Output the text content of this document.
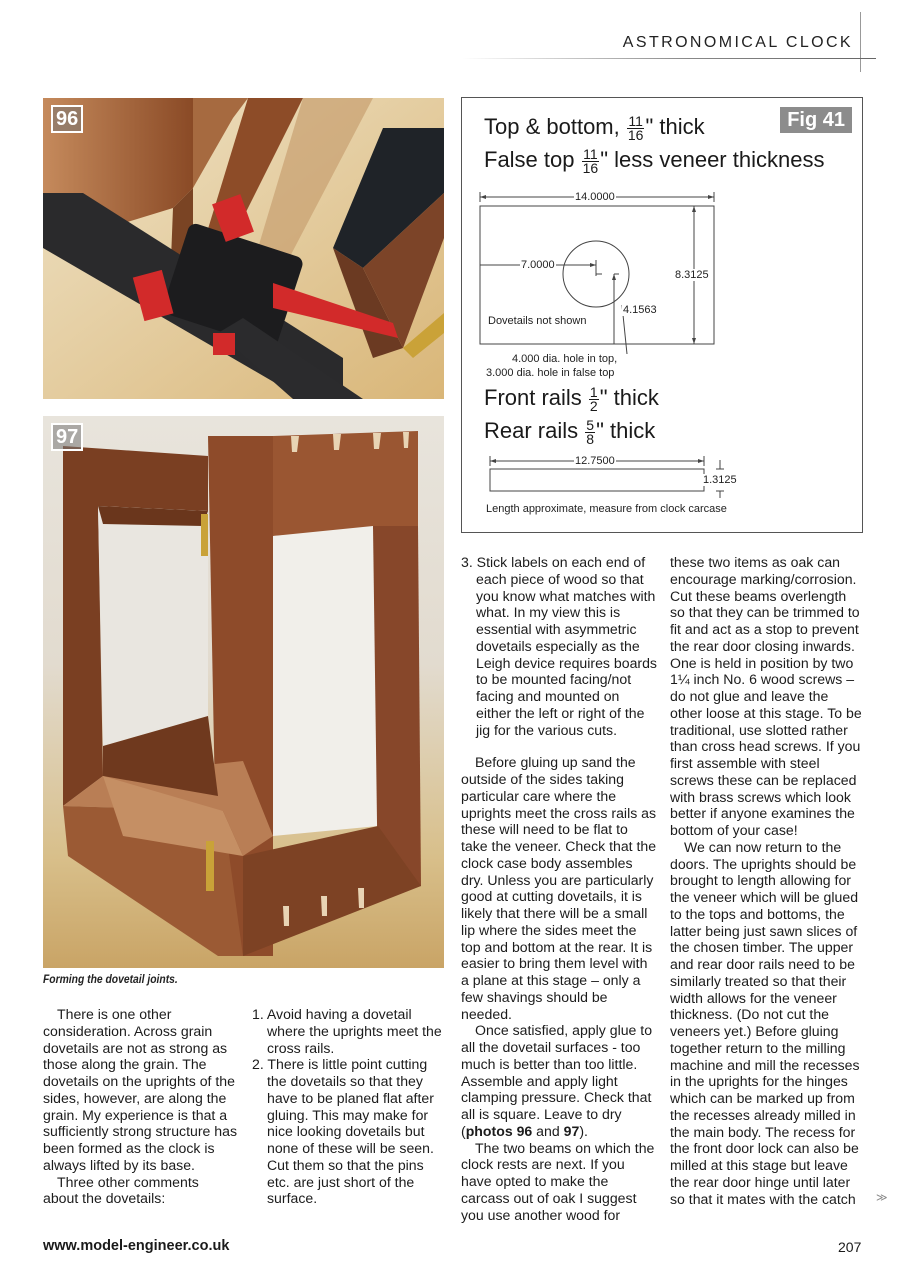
ASTRONOMICAL CLOCK
96
97
Forming the dovetail joints.
Fig 41
Top & bottom, $\frac{11}{16}$ " thick
False top $\frac{11}{16}$ " less veneer thickness
14.0000
8.3125
7.0000
4.1563
Dovetails not shown
4.000 dia. hole in top,
3.000 dia. hole in false top
Front rails $\frac{1}{2}$ " thick
Rear rails $\frac{5}{8}$ " thick
12.7500
1.3125
Length approximate, measure from clock carcase

There is one other consideration. Across grain dovetails are not as strong as those along the grain. The dovetails on the uprights of the sides, however, are along the grain. My experience is that a sufficiently strong structure has been formed as the clock is always lifted by its base.

Three other comments about the dovetails:

1. Avoid having a dovetail where the uprights meet the cross rails.
2. There is little point cutting the dovetails so that they have to be planed flat after gluing. This may make for nice looking dovetails but none of these will be seen. Cut them so that the pins etc. are just short of the surface.
3. Stick labels on each end of each piece of wood so that you know what matches with what. In my view this is essential with asymmetric dovetails especially as the Leigh device requires boards to be mounted facing/not facing and mounted on either the left or right of the jig for the various cuts.

Before gluing up sand the outside of the sides taking particular care where the uprights meet the cross rails as these will need to be flat to take the veneer. Check that the clock case body assembles dry. Unless you are particularly good at cutting dovetails, it is likely that there will be a small lip where the sides meet the top and bottom at the rear. It is easier to bring them level with a plane at this stage – only a few shavings should be needed.

Once satisfied, apply glue to all the dovetail surfaces - too much is better than too little. Assemble and apply light clamping pressure. Check that all is square. Leave to dry (photos 96 and 97).

The two beams on which the clock rests are next. If you have opted to make the carcass out of oak I suggest you use another wood for

these two items as oak can encourage marking/corrosion. Cut these beams overlength so that they can be trimmed to fit and act as a stop to prevent the rear door closing inwards. One is held in position by two 1¼ inch No. 6 wood screws – do not glue and leave the other loose at this stage. To be traditional, use slotted rather than cross head screws. If you first assemble with steel screws these can be replaced with brass screws which look better if anyone examines the bottom of your case!

We can now return to the doors. The uprights should be brought to length allowing for the veneer which will be glued to the tops and bottoms, the latter being just sawn slices of the chosen timber. The upper and rear door rails need to be similarly treated so that their width allows for the veneer thickness. (Do not cut the veneers yet.) Before gluing together return to the milling machine and mill the recesses in the uprights for the hinges which can be marked up from the recesses already milled in the main body. The recess for the front door lock can also be milled at this stage but leave the rear door hinge until later so that it mates with the catch	≫
www.model-engineer.co.uk	207
